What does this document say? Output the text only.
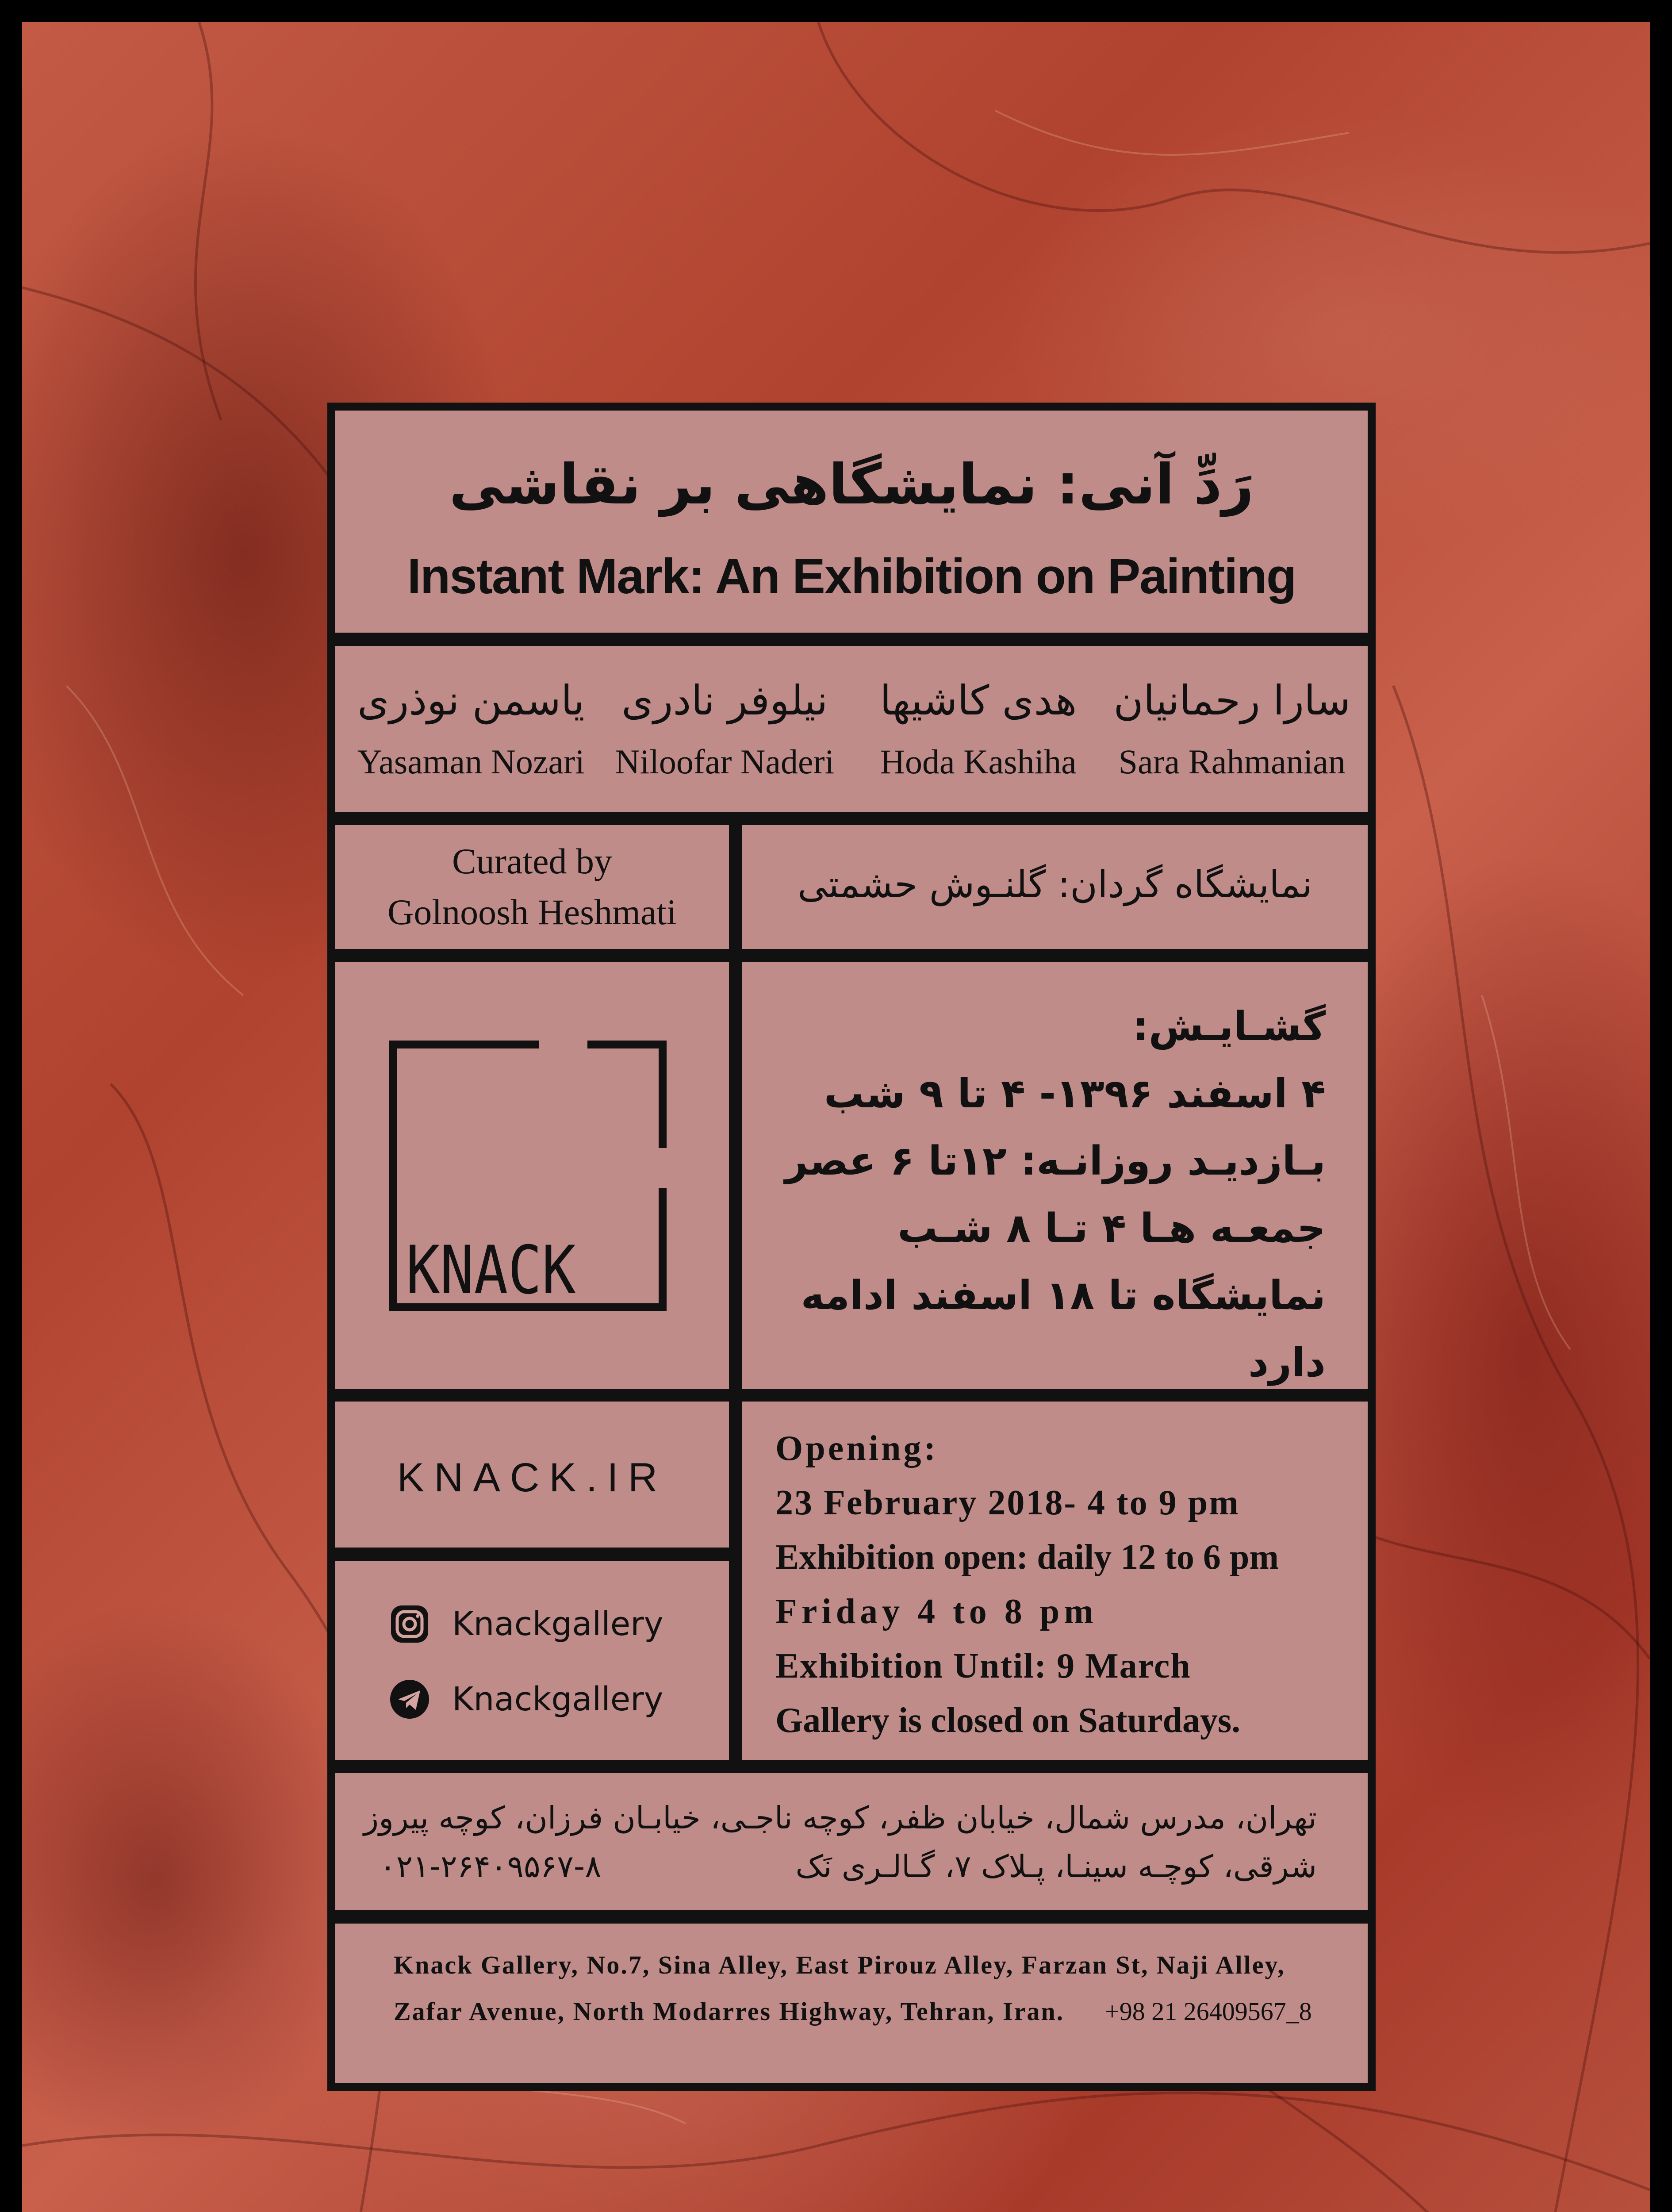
رَدِّ آنی: نمایشگاهی بر نقاشی
Instant Mark: An Exhibition on Painting
سارا رحمانیان
Sara Rahmanian
هدی کاشیها
Hoda Kashiha
نیلوفر نادری
Niloofar Naderi
یاسمن نوذری
Yasaman Nozari
Curated by
Golnoosh Heshmati
نمایشگاه گردان: گلنـوش حشمتی
KNACK
گشـایـش:
۴ اسفند ۱۳۹۶- ۴ تا ۹ شب
بـازدیـد روزانـه: ۱۲تا ۶ عصر
جمعـه هـا ۴ تـا ۸ شـب
نمایشگاه تا ۱۸ اسفند ادامه دارد
KNACK.IR
Knackgallery
Knackgallery
Opening:
23 February 2018- 4 to 9 pm
Exhibition open: daily 12 to 6 pm
Friday 4 to 8 pm
Exhibition Until: 9 March
Gallery is closed on Saturdays.
تهران، مدرس شمال، خیابان ظفر، کوچه ناجـی، خیابـان فرزان، کوچه پیروز
شرقی، کوچـه سینـا، پـلاک ۷، گـالـری نَک
۰۲۱-۲۶۴۰۹۵۶۷-۸
Knack Gallery, No.7, Sina Alley, East Pirouz Alley, Farzan St, Naji Alley,
Zafar Avenue, North Modarres Highway, Tehran, Iran. +98 21 26409567_8
